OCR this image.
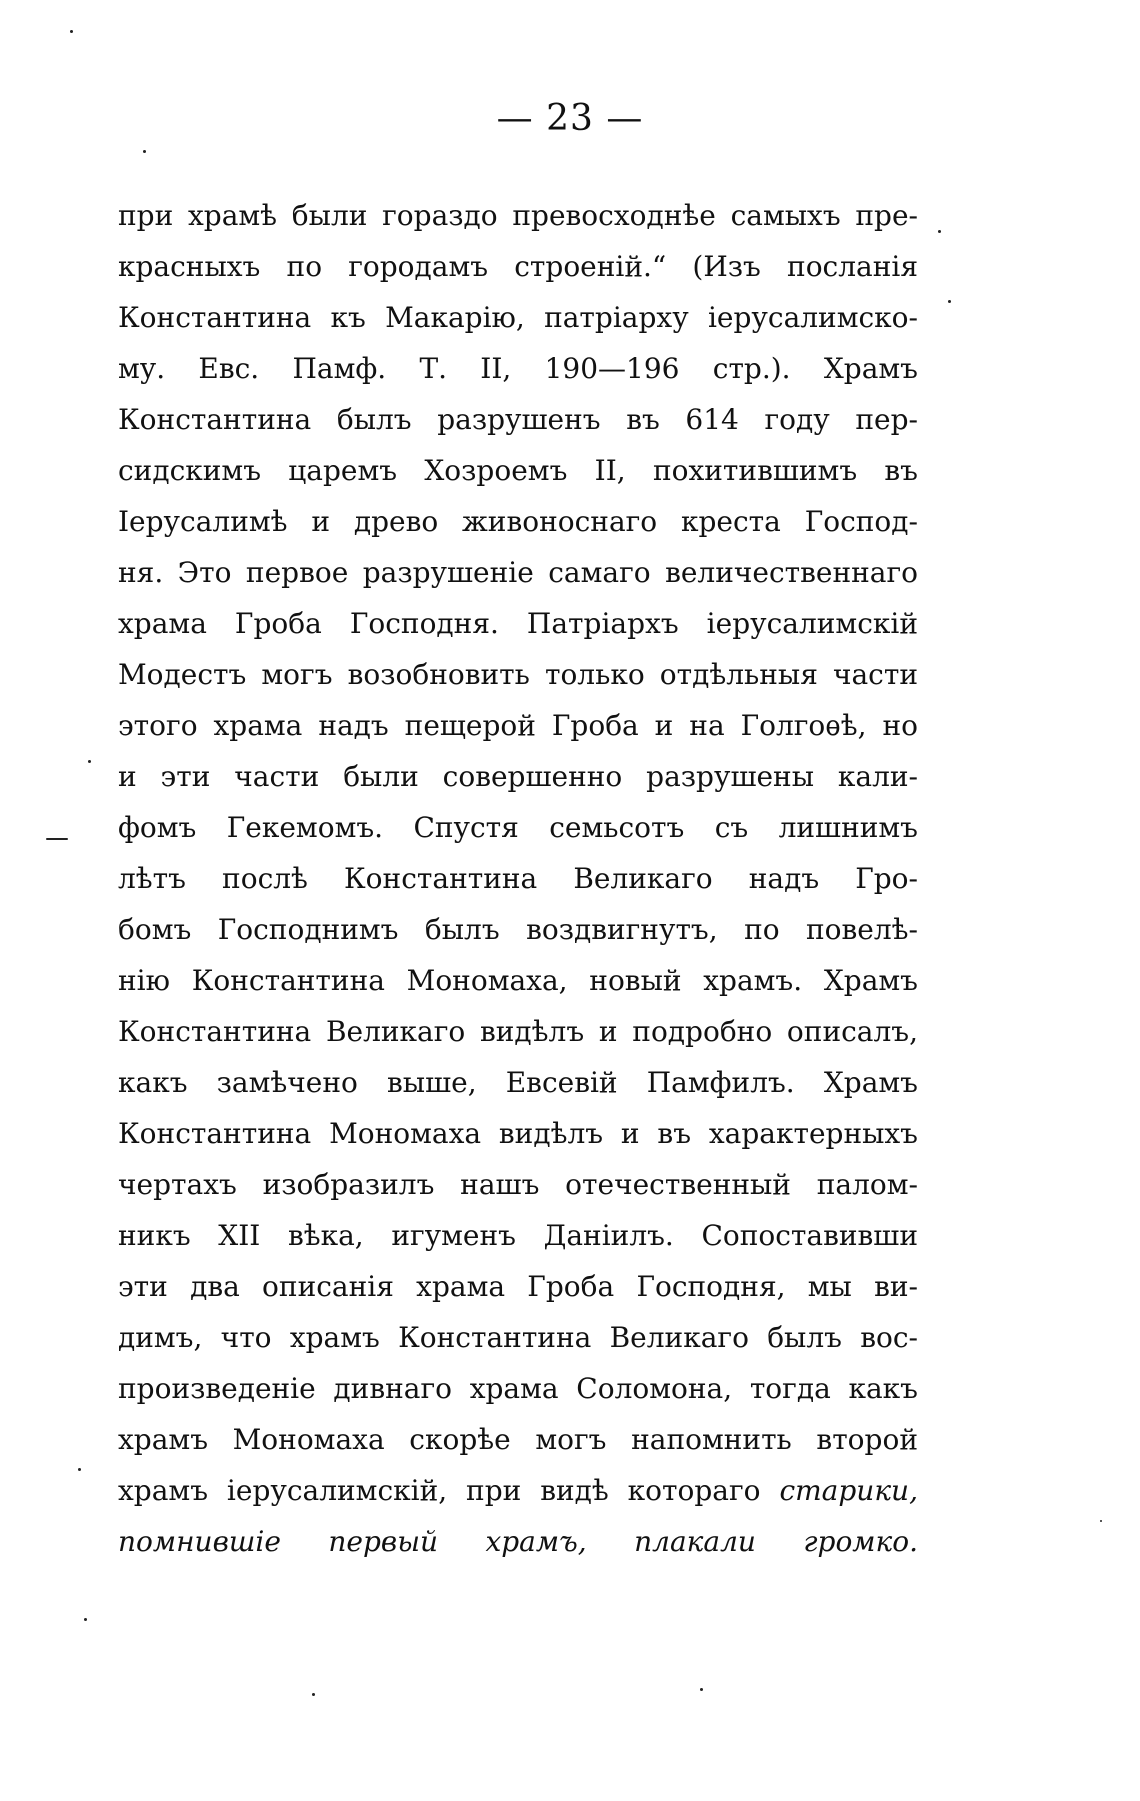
— 23 —
при храмѣ были гораздо превосходнѣе самыхъ пре-
красныхъ по городамъ строеній.“ (Изъ посланія
Константина къ Макарію, патріарху іерусалимско-
му. Евс. Памф. Т. II, 190—196 стр.). Храмъ
Константина былъ разрушенъ въ 614 году пер-
сидскимъ царемъ Хозроемъ II, похитившимъ въ
Іерусалимѣ и древо живоноснаго креста Господ-
ня. Это первое разрушеніе самаго величественнаго
храма Гроба Господня. Патріархъ іерусалимскій
Модестъ могъ возобновить только отдѣльныя части
этого храма надъ пещерой Гроба и на Голгоѳѣ, но
и эти части были совершенно разрушены кали-
фомъ Гекемомъ. Спустя семьсотъ съ лишнимъ
лѣтъ послѣ Константина Великаго надъ Гро-
бомъ Господнимъ былъ воздвигнутъ, по повелѣ-
нію Константина Мономаха, новый храмъ. Храмъ
Константина Великаго видѣлъ и подробно описалъ,
какъ замѣчено выше, Евсевій Памфилъ. Храмъ
Константина Мономаха видѣлъ и въ характерныхъ
чертахъ изобразилъ нашъ отечественный палом-
никъ XII вѣка, игуменъ Даніилъ. Сопоставивши
эти два описанія храма Гроба Господня, мы ви-
димъ, что храмъ Константина Великаго былъ вос-
произведеніе дивнаго храма Соломона, тогда какъ
храмъ Мономаха скорѣе могъ напомнить второй
храмъ іерусалимскій, при видѣ котораго старики,
помнившіе первый храмъ, плакали громко.
